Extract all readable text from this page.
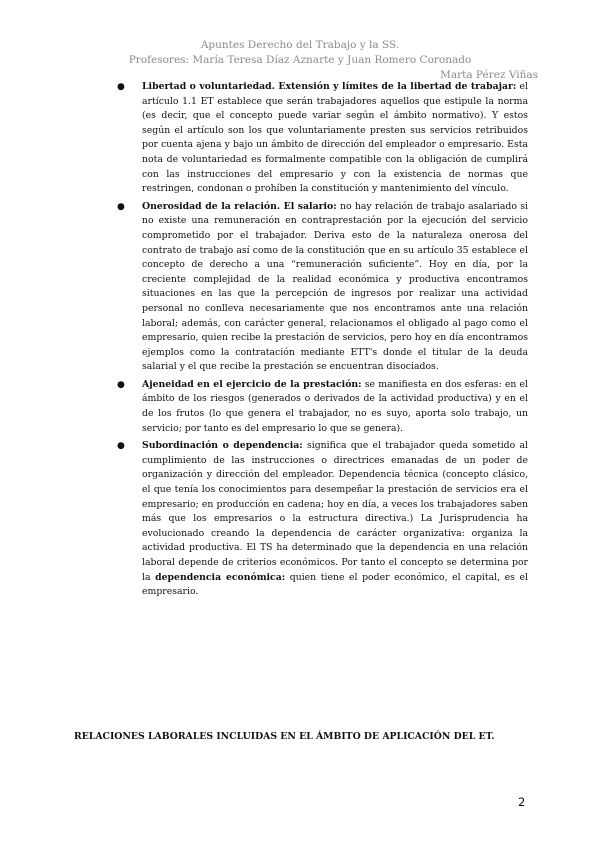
Apuntes Derecho del Trabajo y la SS.
Profesores: María Teresa Díaz Aznarte y Juan Romero Coronado
Marta Pérez Viñas
● Libertad o voluntariedad. Extensión y límites de la libertad de trabajar: el artículo 1.1 ET establece que serán trabajadores aquellos que estipule la norma (es decir, que el concepto puede variar según el ámbito normativo). Y estos según el artículo son los que voluntariamente presten sus servicios retribuidos por cuenta ajena y bajo un ámbito de dirección del empleador o empresario. Esta nota de voluntariedad es formalmente compatible con la obligación de cumplirá con las instrucciones del empresario y con la existencia de normas que restringen, condonan o prohíben la constitución y mantenimiento del vínculo.
● Onerosidad de la relación. El salario: no hay relación de trabajo asalariado si no existe una remuneración en contraprestación por la ejecución del servicio comprometido por el trabajador. Deriva esto de la naturaleza onerosa del contrato de trabajo así como de la constitución que en su artículo 35 establece el concepto de derecho a una “remuneración suficiente”. Hoy en día, por la creciente complejidad de la realidad económica y productiva encontramos situaciones en las que la percepción de ingresos por realizar una actividad personal no conlleva necesariamente que nos encontramos ante una relación laboral; además, con carácter general, relacionamos el obligado al pago como el empresario, quien recibe la prestación de servicios, pero hoy en día encontramos ejemplos como la contratación mediante ETT's donde el titular de la deuda salarial y el que recibe la prestación se encuentran disociados.
● Ajeneidad en el ejercicio de la prestación: se manifiesta en dos esferas: en el ámbito de los riesgos (generados o derivados de la actividad productiva) y en el de los frutos (lo que genera el trabajador, no es suyo, aporta solo trabajo, un servicio; por tanto es del empresario lo que se genera).
● Subordinación o dependencia: significa que el trabajador queda sometido al cumplimiento de las instrucciones o directrices emanadas de un poder de organización y dirección del empleador. Dependencia técnica (concepto clásico, el que tenía los conocimientos para desempeñar la prestación de servicios era el empresario; en producción en cadena; hoy en día, a veces los trabajadores saben más que los empresarios o la estructura directiva.) La Jurisprudencia ha evolucionado creando la dependencia de carácter organizativa: organiza la actividad productiva. El TS ha determinado que la dependencia en una relación laboral depende de criterios económicos. Por tanto el concepto se determina por la dependencia económica: quien tiene el poder económico, el capital, es el empresario.
RELACIONES LABORALES INCLUIDAS EN EL ÁMBITO DE APLICACIÓN DEL ET.
2
